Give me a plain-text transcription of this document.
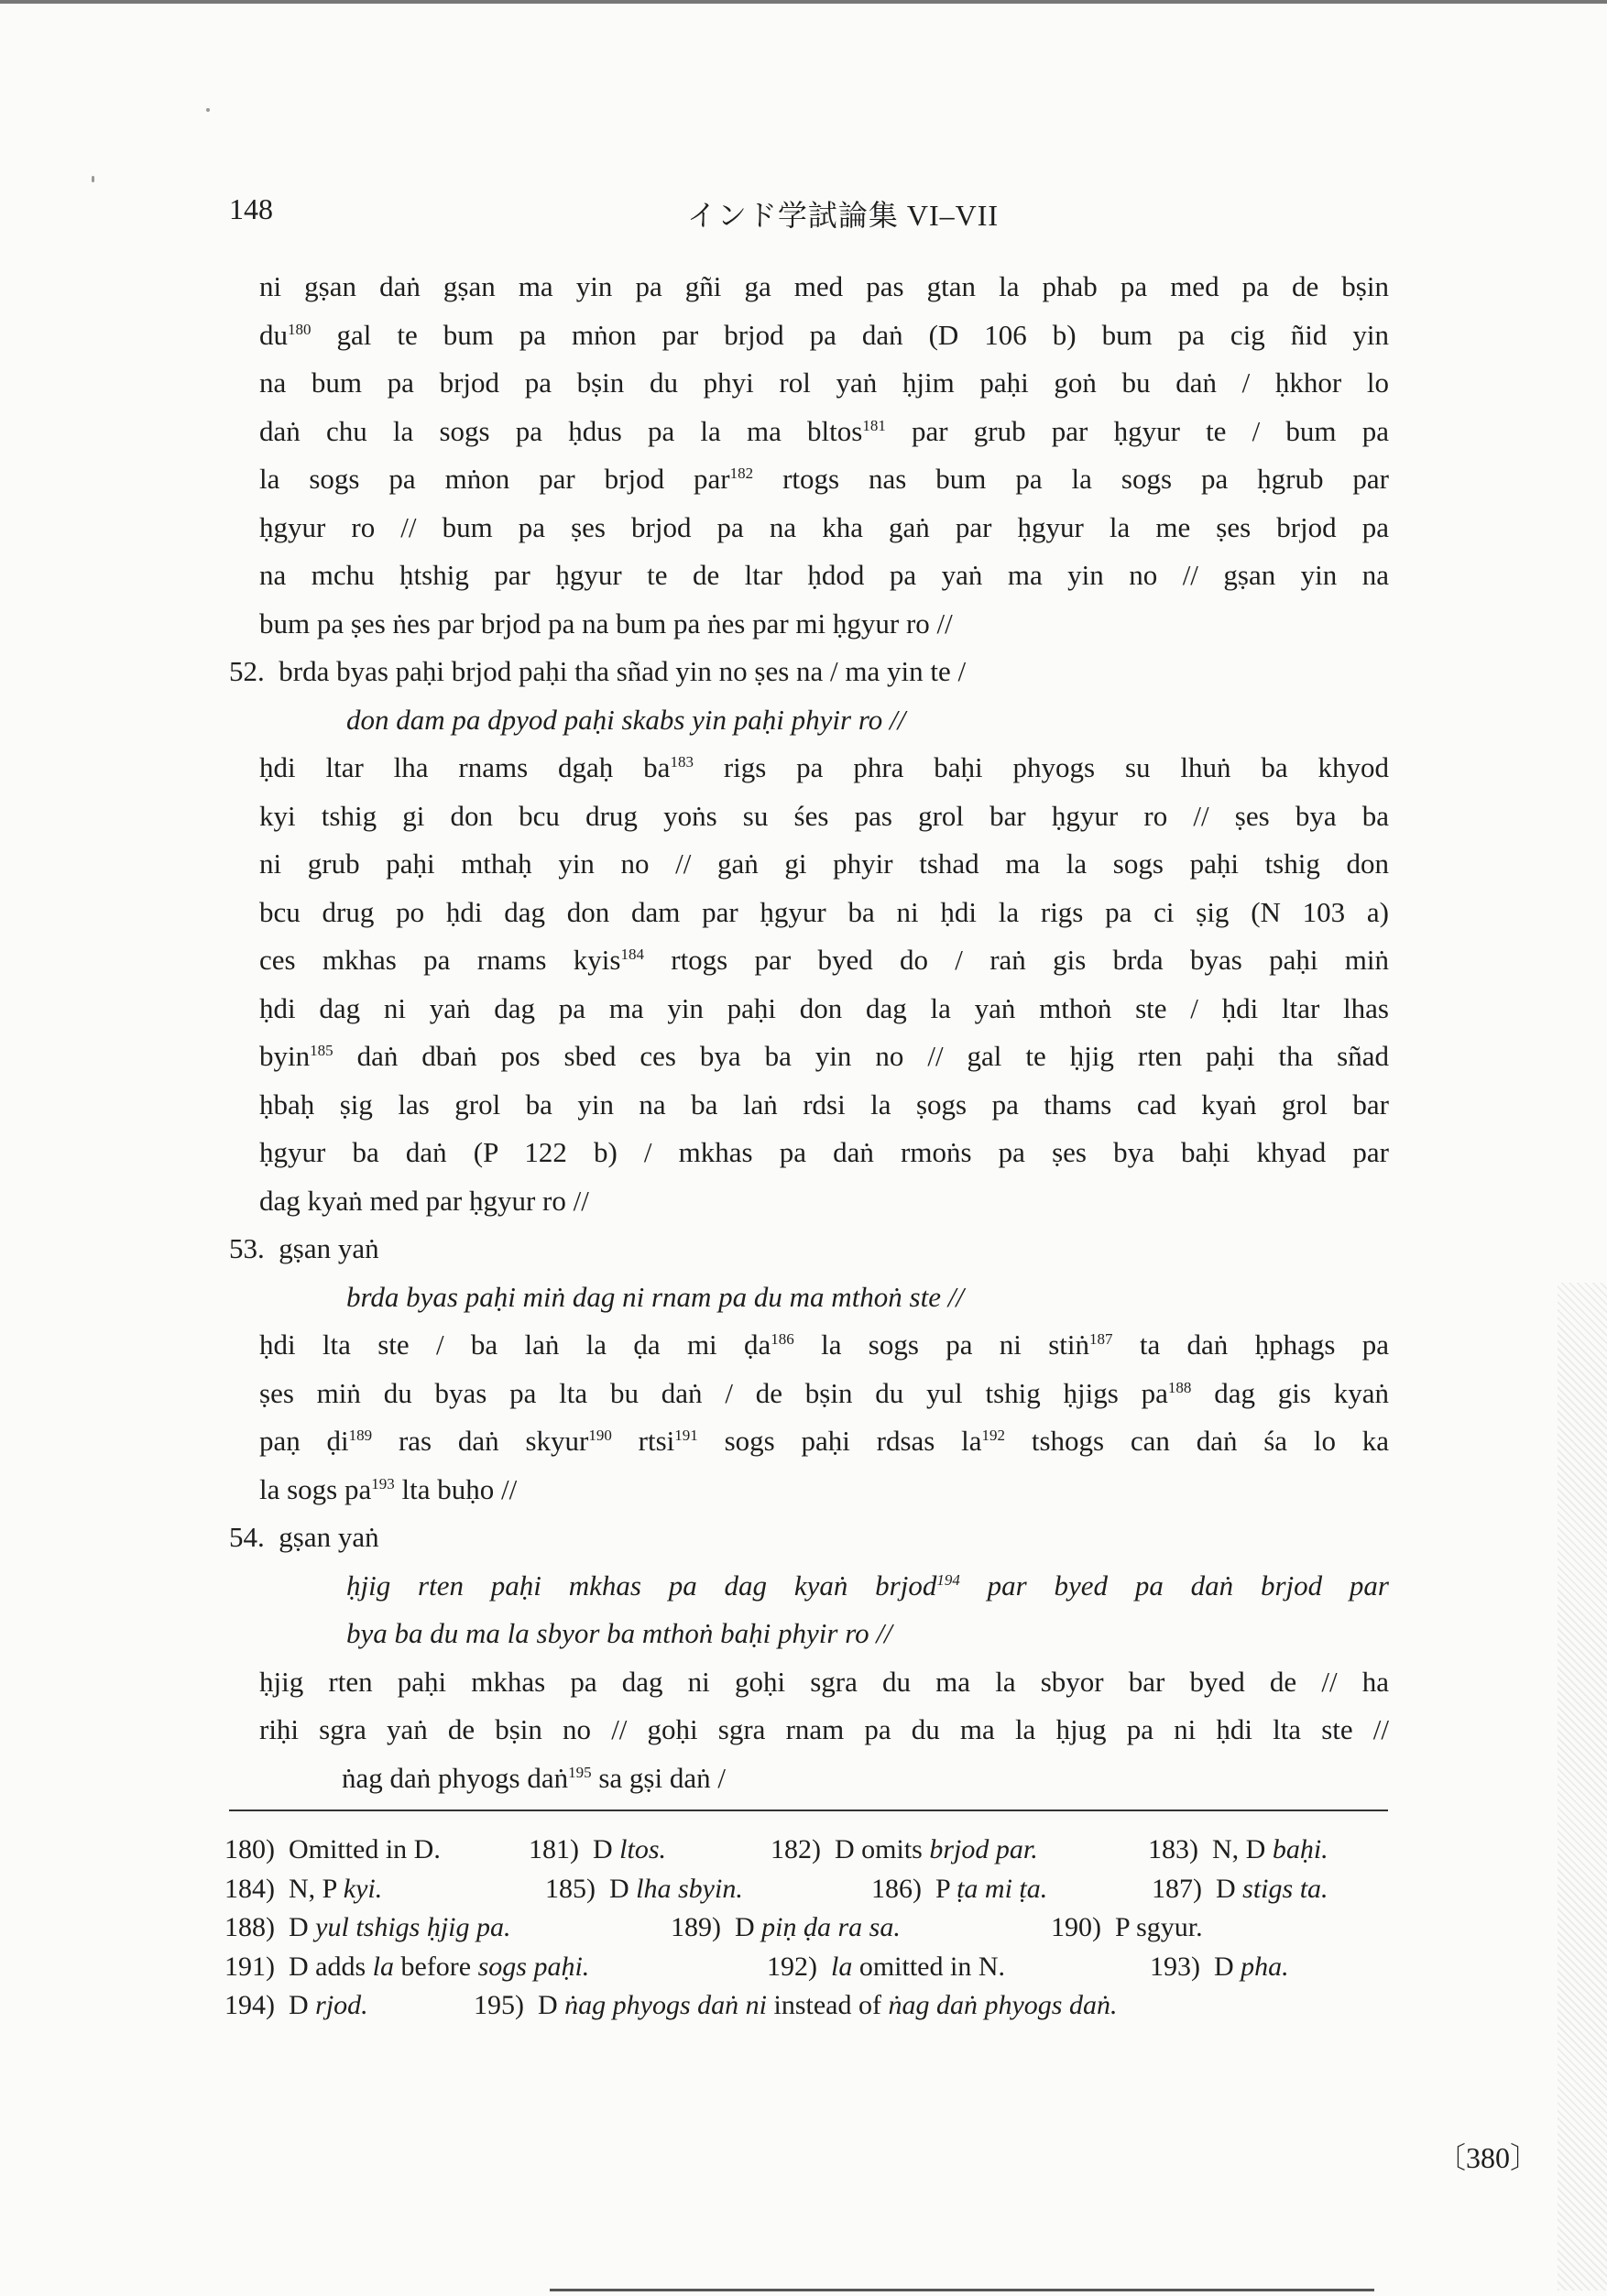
148	インド学試論集 VI–VII
ni gṣan daṅ gṣan ma yin pa gñi ga med pas gtan la phab pa med pa de bṣin
$du^{180}$ gal te bum pa mṅon par brjod pa daṅ (D 106 b) bum pa cig ñid yin
na bum pa brjod pa bṣin du phyi rol yaṅ ḥjim paḥi goṅ bu daṅ / ḥkhor lo
daṅ chu la sogs pa ḥdus pa la ma bltos$^{181}$ par grub par ḥgyur te / bum pa
la sogs pa mṅon par brjod par$^{182}$ rtogs nas bum pa la sogs pa ḥgrub par
ḥgyur ro // bum pa ṣes brjod pa na kha gaṅ par ḥgyur la me ṣes brjod pa
na mchu ḥtshig par ḥgyur te de ltar ḥdod pa yaṅ ma yin no // gṣan yin na
bum pa ṣes ṅes par brjod pa na bum pa ṅes par mi ḥgyur ro //
52. brda byas paḥi brjod paḥi tha sñad yin no ṣes na / ma yin te /
don dam pa dpyod paḥi skabs yin paḥi phyir ro //
ḥdi ltar lha rnams dgaḥ $ba^{183}$ rigs pa phra baḥi phyogs su lhuṅ ba khyod
kyi tshig gi don bcu drug yoṅs su śes pas grol bar ḥgyur ro // ṣes bya ba
ni grub paḥi mthaḥ yin no // gaṅ gi phyir tshad ma la sogs paḥi tshig don
bcu drug po ḥdi dag don dam par ḥgyur ba ni ḥdi la rigs pa ci ṣig (N 103 a)
ces mkhas pa rnams kyis$^{184}$ rtogs par byed do / raṅ gis brda byas paḥi miṅ
ḥdi dag ni yaṅ dag pa ma yin paḥi don dag la yaṅ mthoṅ ste / ḥdi ltar lhas
byin$^{185}$ daṅ dbaṅ pos sbed ces bya ba yin no // gal te ḥjig rten paḥi tha sñad
ḥbaḥ ṣig las grol ba yin na ba laṅ rdsi la ṣogs pa thams cad kyaṅ grol bar
ḥgyur ba daṅ (P 122 b) / mkhas pa daṅ rmoṅs pa ṣes bya baḥi khyad par
dag kyaṅ med par ḥgyur ro //
53. gṣan yaṅ
brda byas paḥi miṅ dag ni rnam pa du ma mthoṅ ste //
ḥdi lta ste / ba laṅ la ḍa mi ḍa$^{186}$ la sogs pa ni stiṅ$^{187}$ ta daṅ ḥphags pa
ṣes miṅ du byas pa lta bu daṅ / de bṣin du yul tshig ḥjigs $pa^{188}$ dag gis kyaṅ
paṇ ḍi$^{189}$ ras daṅ skyur$^{190}$ rtsi$^{191}$ sogs paḥi rdsas $la^{192}$ tshogs can daṅ śa lo ka
la sogs $pa^{193}$ lta buḥo //
54. gṣan yaṅ
ḥjig rten paḥi mkhas pa dag kyaṅ brjod$^{194}$ par byed pa daṅ brjod par
bya ba du ma la sbyor ba mthoṅ baḥi phyir ro //
ḥjig rten paḥi mkhas pa dag ni goḥi sgra du ma la sbyor bar byed de // ha
riḥi sgra yaṅ de bṣin no // goḥi sgra rnam pa du ma la ḥjug pa ni ḥdi lta ste //
ṅag daṅ phyogs daṅ$^{195}$ sa gṣi daṅ /
180) Omitted in D.	181) D ltos.	182) D omits brjod par.	183) N, D baḥi.
184) N, P kyi.	185) D lha sbyin.	186) P ṭa mi ṭa.	187) D stigs ta.
188) D yul tshigs ḥjig pa.	189) D piṇ ḍa ra sa.	190) P sgyur.
191) D adds la before sogs paḥi.	192) la omitted in N.	193) D pha.
194) D rjod.	195) D ṅag phyogs daṅ ni instead of ṅag daṅ phyogs daṅ.
〔380〕
